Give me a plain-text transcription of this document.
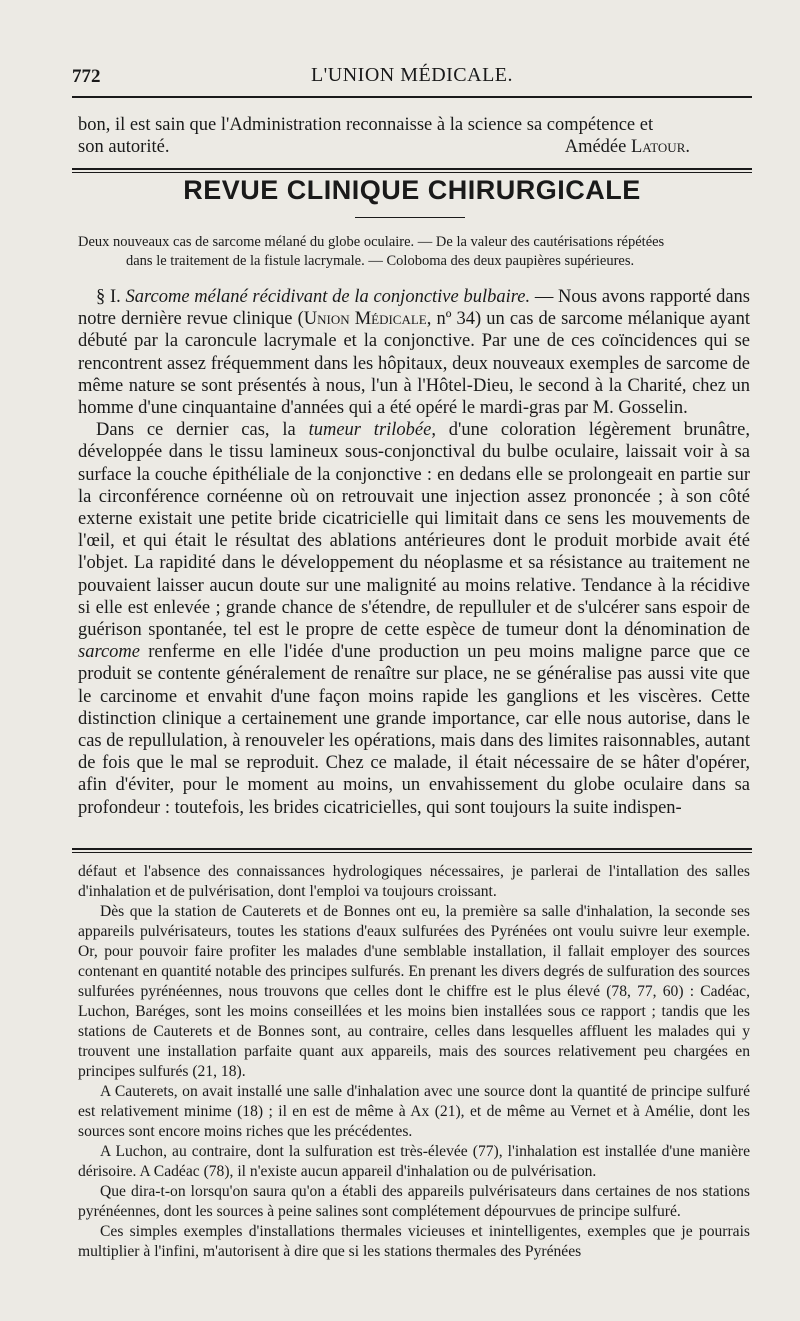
772	L'UNION MÉDICALE.

bon, il est sain que l'Administration reconnaisse à la science sa compétence et

son autorité.	Amédée Latour.
REVUE CLINIQUE CHIRURGICALE
Deux nouveaux cas de sarcome mélané du globe oculaire. — De la valeur des cautérisations répétées
dans le traitement de la fistule lacrymale. — Coloboma des deux paupières supérieures.

§ I. Sarcome mélané récidivant de la conjonctive bulbaire. — Nous avons rapporté dans notre dernière revue clinique (Union Médicale, nº 34) un cas de sarcome mélanique ayant débuté par la caroncule lacrymale et la conjonctive. Par une de ces coïncidences qui se rencontrent assez fréquemment dans les hôpitaux, deux nouveaux exemples de sarcome de même nature se sont présentés à nous, l'un à l'Hôtel-Dieu, le second à la Charité, chez un homme d'une cinquantaine d'années qui a été opéré le mardi-gras par M. Gosselin.

Dans ce dernier cas, la tumeur trilobée, d'une coloration légèrement brunâtre, développée dans le tissu lamineux sous-conjonctival du bulbe oculaire, laissait voir à sa surface la couche épithéliale de la conjonctive : en dedans elle se prolongeait en partie sur la circonférence cornéenne où on retrouvait une injection assez prononcée ; à son côté externe existait une petite bride cicatricielle qui limitait dans ce sens les mouvements de l'œil, et qui était le résultat des ablations antérieures dont le produit morbide avait été l'objet. La rapidité dans le développement du néoplasme et sa résistance au traitement ne pouvaient laisser aucun doute sur une malignité au moins relative. Tendance à la récidive si elle est enlevée ; grande chance de s'étendre, de repulluler et de s'ulcérer sans espoir de guérison spontanée, tel est le propre de cette espèce de tumeur dont la dénomination de sarcome renferme en elle l'idée d'une production un peu moins maligne parce que ce produit se contente généralement de renaître sur place, ne se généralise pas aussi vite que le carcinome et envahit d'une façon moins rapide les ganglions et les viscères. Cette distinction clinique a certainement une grande importance, car elle nous autorise, dans le cas de repullulation, à renouveler les opérations, mais dans des limites raisonnables, autant de fois que le mal se reproduit. Chez ce malade, il était nécessaire de se hâter d'opérer, afin d'éviter, pour le moment au moins, un envahissement du globe oculaire dans sa profondeur : toutefois, les brides cicatricielles, qui sont toujours la suite indispen-

défaut et l'absence des connaissances hydrologiques nécessaires, je parlerai de l'intallation des salles d'inhalation et de pulvérisation, dont l'emploi va toujours croissant.

Dès que la station de Cauterets et de Bonnes ont eu, la première sa salle d'inhalation, la seconde ses appareils pulvérisateurs, toutes les stations d'eaux sulfurées des Pyrénées ont voulu suivre leur exemple. Or, pour pouvoir faire profiter les malades d'une semblable installation, il fallait employer des sources contenant en quantité notable des principes sulfurés. En prenant les divers degrés de sulfuration des sources sulfurées pyrénéennes, nous trouvons que celles dont le chiffre est le plus élevé (78, 77, 60) : Cadéac, Luchon, Baréges, sont les moins conseillées et les moins bien installées sous ce rapport ; tandis que les stations de Cauterets et de Bonnes sont, au contraire, celles dans lesquelles affluent les malades qui y trouvent une installation parfaite quant aux appareils, mais des sources relativement peu chargées en principes sulfurés (21, 18).

A Cauterets, on avait installé une salle d'inhalation avec une source dont la quantité de principe sulfuré est relativement minime (18) ; il en est de même à Ax (21), et de même au Vernet et à Amélie, dont les sources sont encore moins riches que les précédentes.

A Luchon, au contraire, dont la sulfuration est très-élevée (77), l'inhalation est installée d'une manière dérisoire. A Cadéac (78), il n'existe aucun appareil d'inhalation ou de pulvérisation.

Que dira-t-on lorsqu'on saura qu'on a établi des appareils pulvérisateurs dans certaines de nos stations pyrénéennes, dont les sources à peine salines sont complétement dépourvues de principe sulfuré.

Ces simples exemples d'installations thermales vicieuses et inintelligentes, exemples que je pourrais multiplier à l'infini, m'autorisent à dire que si les stations thermales des Pyrénées
